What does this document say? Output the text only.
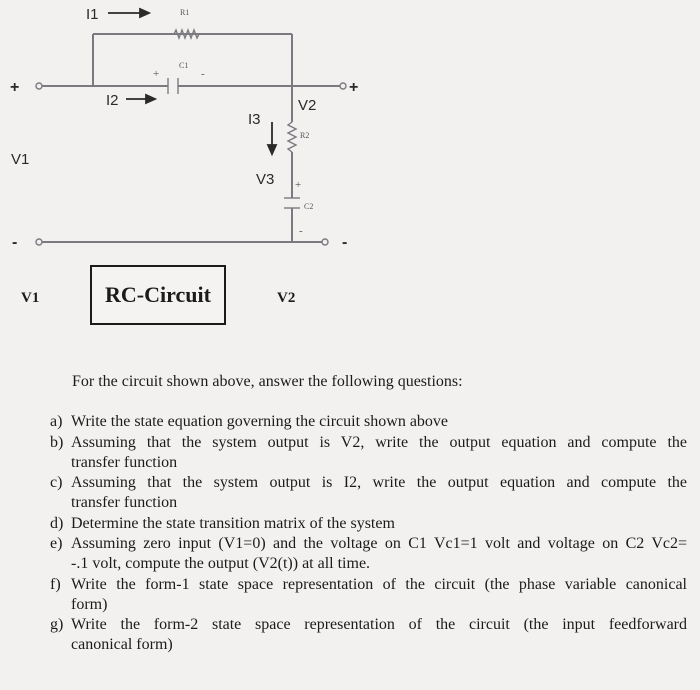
I1
I2
I3
V1
V2
V3
+
-
+
-
R1
C1
R2
C2
+	-
+
-
V1	RC-Circuit	V2
For the circuit shown above, answer the following questions:
a) Write the state equation governing the circuit shown above
b) Assuming that the system output is V2, write the output equation and compute the
transfer function
c) Assuming that the system output is I2, write the output equation and compute the
transfer function
d) Determine the state transition matrix of the system
e) Assuming zero input (V1=0) and the voltage on C1 Vc1=1 volt and voltage on C2 Vc2=
-.1 volt, compute the output (V2(t)) at all time.
f) Write the form-1 state space representation of the circuit (the phase variable canonical
form)
g) Write the form-2 state space representation of the circuit (the input feedforward
canonical form)
